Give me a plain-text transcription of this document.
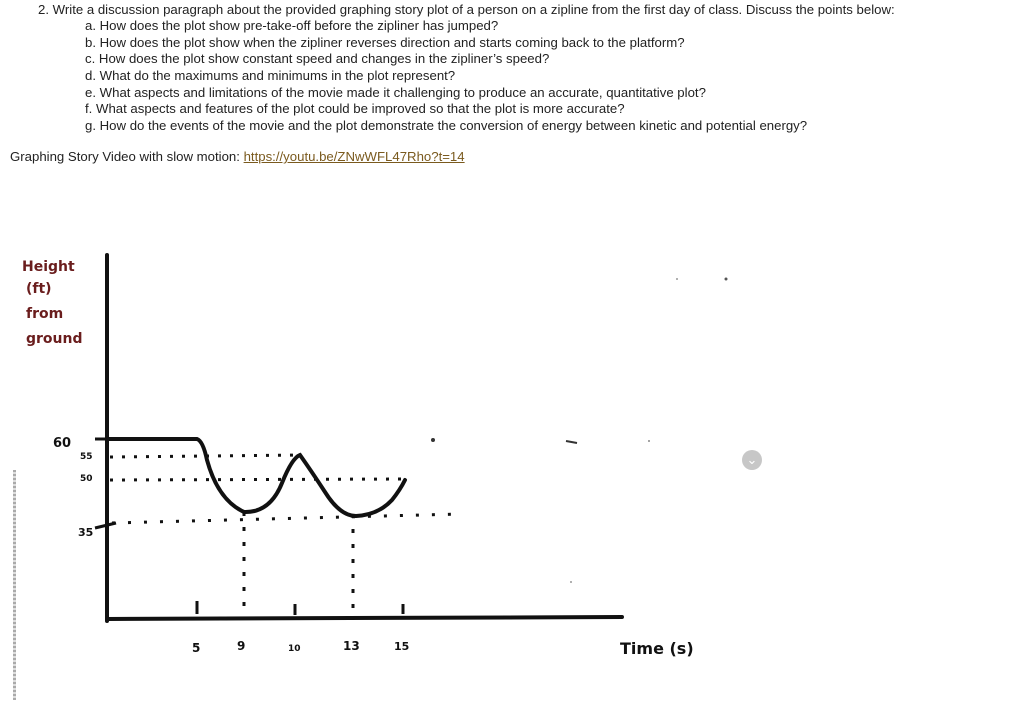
2. Write a discussion paragraph about the provided graphing story plot of a person on a zipline from the first day of class. Discuss the points below:
a. How does the plot show pre-take-off before the zipliner has jumped?
b. How does the plot show when the zipliner reverses direction and starts coming back to the platform?
c. How does the plot show constant speed and changes in the zipliner’s speed?
d. What do the maximums and minimums in the plot represent?
e. What aspects and limitations of the movie made it challenging to produce an accurate, quantitative plot?
f. What aspects and features of the plot could be improved so that the plot is more accurate?
g. How do the events of the movie and the plot demonstrate the conversion of energy between kinetic and potential energy?
Graphing Story Video with slow motion: https://youtu.be/ZNwWFL47Rho?t=14
⌄
Height
(ft)
from
ground
Time (s)
60
55
50
35
5	9	10	13	15
